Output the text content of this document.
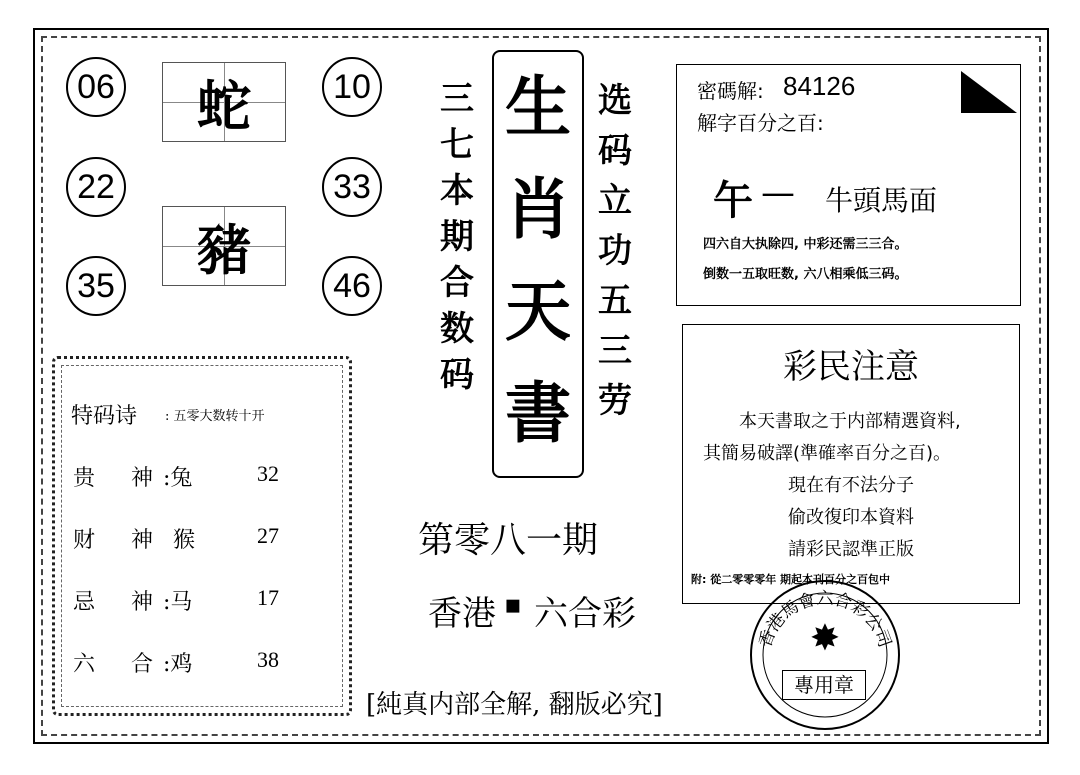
06
22
35
蛇
豬
10
33
46
三
七
本
期
合
数
码
生
肖
天
書
选
码
立
功
五
三
劳
密碼解: 84126
解字百分之百:
午 — 牛頭馬面
四六自大执除四, 中彩还需三三合。
倒数一五取旺数, 六八相乘低三码。
彩民注意
本天書取之于内部精選資料,
其簡易破譯(準確率百分之百)。
現在有不法分子
偷改復印本資料
請彩民認準正版
附: 從二零零零年 期起本刊百分之百包中
第零八一期
香港 ▪ 六合彩
[純真内部全解, 翻版必究]
特码诗 : 五零大数转十开
贵 神 :兔	32
财 神 猴	27
忌 神 :马	17
六 合 :鸡	38
香港馬會六合彩公司
✸
專用章
